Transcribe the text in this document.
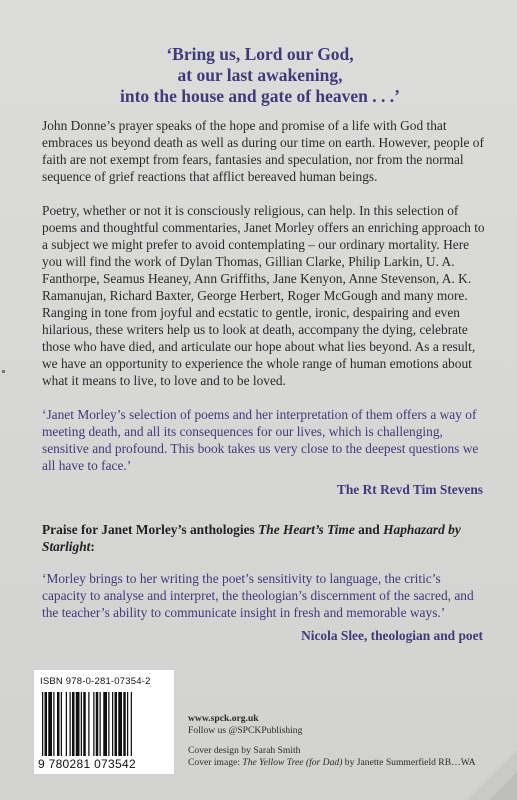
‘Bring us, Lord our God,
at our last awakening,
into the house and gate of heaven . . .’
John Donne’s prayer speaks of the hope and promise of a life with God that embraces us beyond death as well as during our time on earth. However, people of faith are not exempt from fears, fantasies and speculation, nor from the normal sequence of grief reactions that afflict bereaved human beings.
Poetry, whether or not it is consciously religious, can help. In this selection of poems and thoughtful commentaries, Janet Morley offers an enriching approach to a subject we might prefer to avoid contemplating – our ordinary mortality. Here you will find the work of Dylan Thomas, Gillian Clarke, Philip Larkin, U. A. Fanthorpe, Seamus Heaney, Ann Griffiths, Jane Kenyon, Anne Stevenson, A. K. Ramanujan, Richard Baxter, George Herbert, Roger McGough and many more. Ranging in tone from joyful and ecstatic to gentle, ironic, despairing and even hilarious, these writers help us to look at death, accompany the dying, celebrate those who have died, and articulate our hope about what lies beyond. As a result, we have an opportunity to experience the whole range of human emotions about what it means to live, to love and to be loved.
‘Janet Morley’s selection of poems and her interpretation of them offers a way of meeting death, and all its consequences for our lives, which is challenging, sensitive and profound. This book takes us very close to the deepest questions we all have to face.’
The Rt Revd Tim Stevens
Praise for Janet Morley’s anthologies The Heart’s Time and Haphazard by Starlight:
‘Morley brings to her writing the poet’s sensitivity to language, the critic’s capacity to analyse and interpret, the theologian’s discernment of the sacred, and the teacher’s ability to communicate insight in fresh and memorable ways.’
Nicola Slee, theologian and poet
ISBN 978-0-281-07354-2
9 780281 073542
www.spck.org.uk
Follow us @SPCKPublishing
Cover design by Sarah Smith
Cover image: The Yellow Tree (for Dad) by Janette Summerfield RB…WA
